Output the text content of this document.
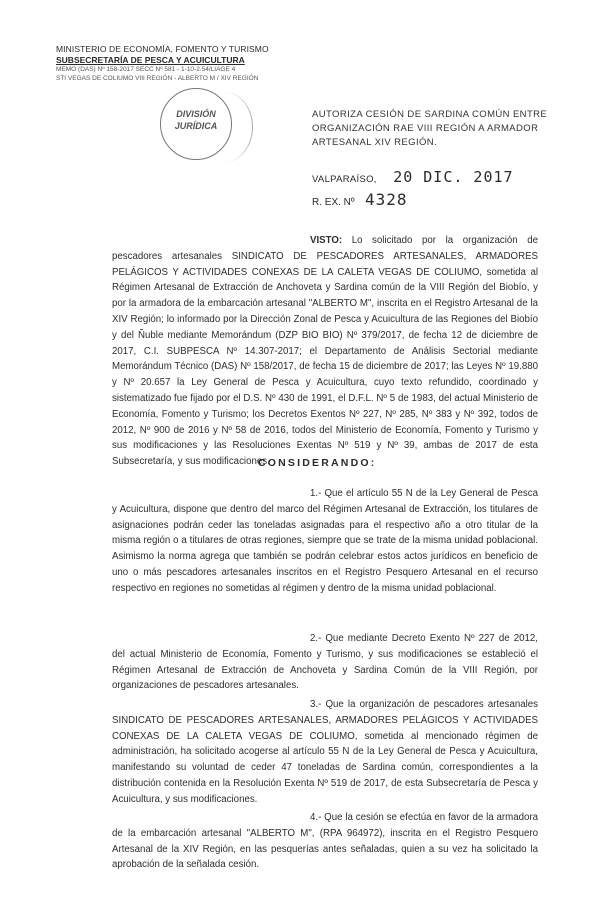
MINISTERIO DE ECONOMÍA, FOMENTO Y TURISMO
SUBSECRETARÍA DE PESCA Y ACUICULTURA
MEMO (DAS) Nº 158-2017 SECC Nº 581 - 1-10-2.54/LIAGE 4
STI VEGAS DE COLIUMO VIII REGIÓN - ALBERTO M / XIV REGIÓN
DIVISIÓN
JURÍDICA
AUTORIZA CESIÓN DE SARDINA COMÚN ENTRE ORGANIZACIÓN RAE VIII REGIÓN A ARMADOR ARTESANAL XIV REGIÓN.
VALPARAÍSO, 20 DIC. 2017
R. EX. Nº 4328
VISTO: Lo solicitado por la organización de pescadores artesanales SINDICATO DE PESCADORES ARTESANALES, ARMADORES PELÁGICOS Y ACTIVIDADES CONEXAS DE LA CALETA VEGAS DE COLIUMO, sometida al Régimen Artesanal de Extracción de Anchoveta y Sardina común de la VIII Región del Biobío, y por la armadora de la embarcación artesanal "ALBERTO M", inscrita en el Registro Artesanal de la XIV Región; lo informado por la Dirección Zonal de Pesca y Acuicultura de las Regiones del Biobío y del Ñuble mediante Memorándum (DZP BIO BIO) Nº 379/2017, de fecha 12 de diciembre de 2017, C.I. SUBPESCA Nº 14.307-2017; el Departamento de Análisis Sectorial mediante Memorándum Técnico (DAS) Nº 158/2017, de fecha 15 de diciembre de 2017; las Leyes Nº 19.880 y Nº 20.657 la Ley General de Pesca y Acuicultura, cuyo texto refundido, coordinado y sistematizado fue fijado por el D.S. Nº 430 de 1991, el D.F.L. Nº 5 de 1983, del actual Ministerio de Economía, Fomento y Turismo; los Decretos Exentos Nº 227, Nº 285, Nº 383 y Nº 392, todos de 2012, Nº 900 de 2016 y Nº 58 de 2016, todos del Ministerio de Economía, Fomento y Turismo y sus modificaciones y las Resoluciones Exentas Nº 519 y Nº 39, ambas de 2017 de esta Subsecretaría, y sus modificaciones.
CONSIDERANDO:
1.- Que el artículo 55 N de la Ley General de Pesca y Acuicultura, dispone que dentro del marco del Régimen Artesanal de Extracción, los titulares de asignaciones podrán ceder las toneladas asignadas para el respectivo año a otro titular de la misma región o a titulares de otras regiones, siempre que se trate de la misma unidad poblacional. Asimismo la norma agrega que también se podrán celebrar estos actos jurídicos en beneficio de uno o más pescadores artesanales inscritos en el Registro Pesquero Artesanal en el recurso respectivo en regiones no sometidas al régimen y dentro de la misma unidad poblacional.
2.- Que mediante Decreto Exento Nº 227 de 2012, del actual Ministerio de Economía, Fomento y Turismo, y sus modificaciones se estableció el Régimen Artesanal de Extracción de Anchoveta y Sardina Común de la VIII Región, por organizaciones de pescadores artesanales.
3.- Que la organización de pescadores artesanales SINDICATO DE PESCADORES ARTESANALES, ARMADORES PELÁGICOS Y ACTIVIDADES CONEXAS DE LA CALETA VEGAS DE COLIUMO, sometida al mencionado régimen de administración, ha solicitado acogerse al artículo 55 N de la Ley General de Pesca y Acuicultura, manifestando su voluntad de ceder 47 toneladas de Sardina común, correspondientes a la distribución contenida en la Resolución Exenta Nº 519 de 2017, de esta Subsecretaría de Pesca y Acuicultura, y sus modificaciones.
4.- Que la cesión se efectúa en favor de la armadora de la embarcación artesanal "ALBERTO M", (RPA 964972), inscrita en el Registro Pesquero Artesanal de la XIV Región, en las pesquerías antes señaladas, quien a su vez ha solicitado la aprobación de la señalada cesión.
